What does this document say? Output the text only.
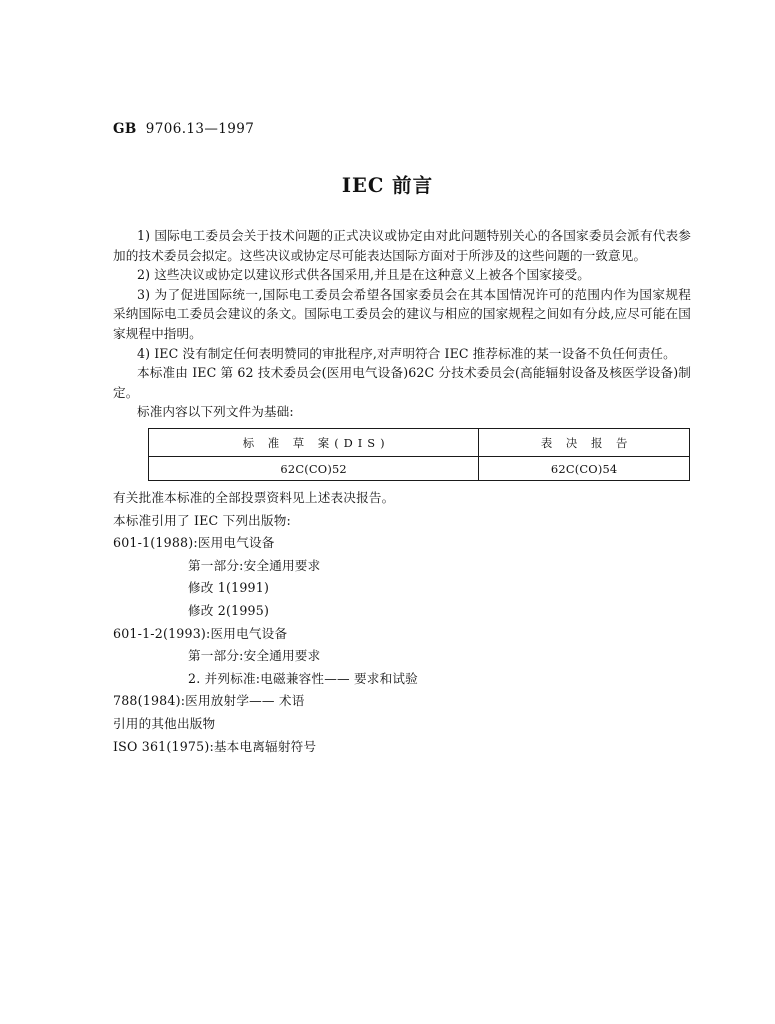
GB 9706.13—1997
IEC 前言

1) 国际电工委员会关于技术问题的正式决议或协定由对此问题特别关心的各国家委员会派有代表参加的技术委员会拟定。这些决议或协定尽可能表达国际方面对于所涉及的这些问题的一致意见。

2) 这些决议或协定以建议形式供各国采用,并且是在这种意义上被各个国家接受。

3) 为了促进国际统一,国际电工委员会希望各国家委员会在其本国情况许可的范围内作为国家规程采纳国际电工委员会建议的条文。国际电工委员会的建议与相应的国家规程之间如有分歧,应尽可能在国家规程中指明。

4) IEC 没有制定任何表明赞同的审批程序,对声明符合 IEC 推荐标准的某一设备不负任何责任。

本标准由 IEC 第 62 技术委员会(医用电气设备)62C 分技术委员会(高能辐射设备及核医学设备)制定。

标准内容以下列文件为基础:

标 准 草 案(DIS)	表 决 报 告
62C(CO)52	62C(CO)54
有关批准本标准的全部投票资料见上述表决报告。
本标准引用了 IEC 下列出版物:
601-1(1988):医用电气设备
第一部分:安全通用要求
修改 1(1991)
修改 2(1995)
601-1-2(1993):医用电气设备
第一部分:安全通用要求
2. 并列标准:电磁兼容性—— 要求和试验
788(1984):医用放射学—— 术语
引用的其他出版物
ISO 361(1975):基本电离辐射符号
